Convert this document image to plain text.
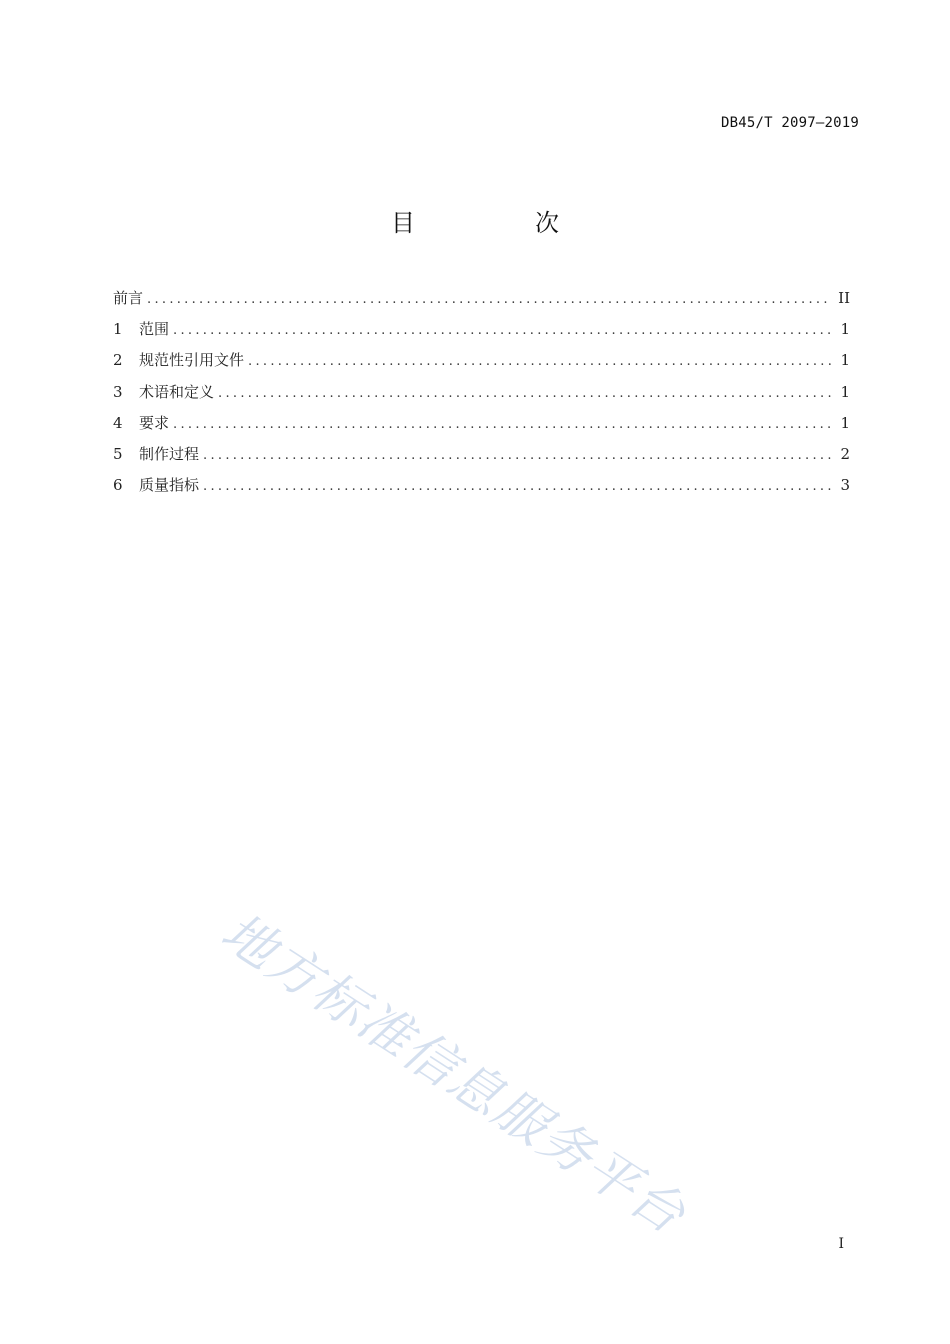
DB45/T 2097—2019
目　次
前言 .....	II
1	范围 .....	1
2	规范性引用文件 .....	1
3	术语和定义 .....	1
4	要求 .....	1
5	制作过程 .....	2
6	质量指标 .....	3
地方标准信息服务平台	I
